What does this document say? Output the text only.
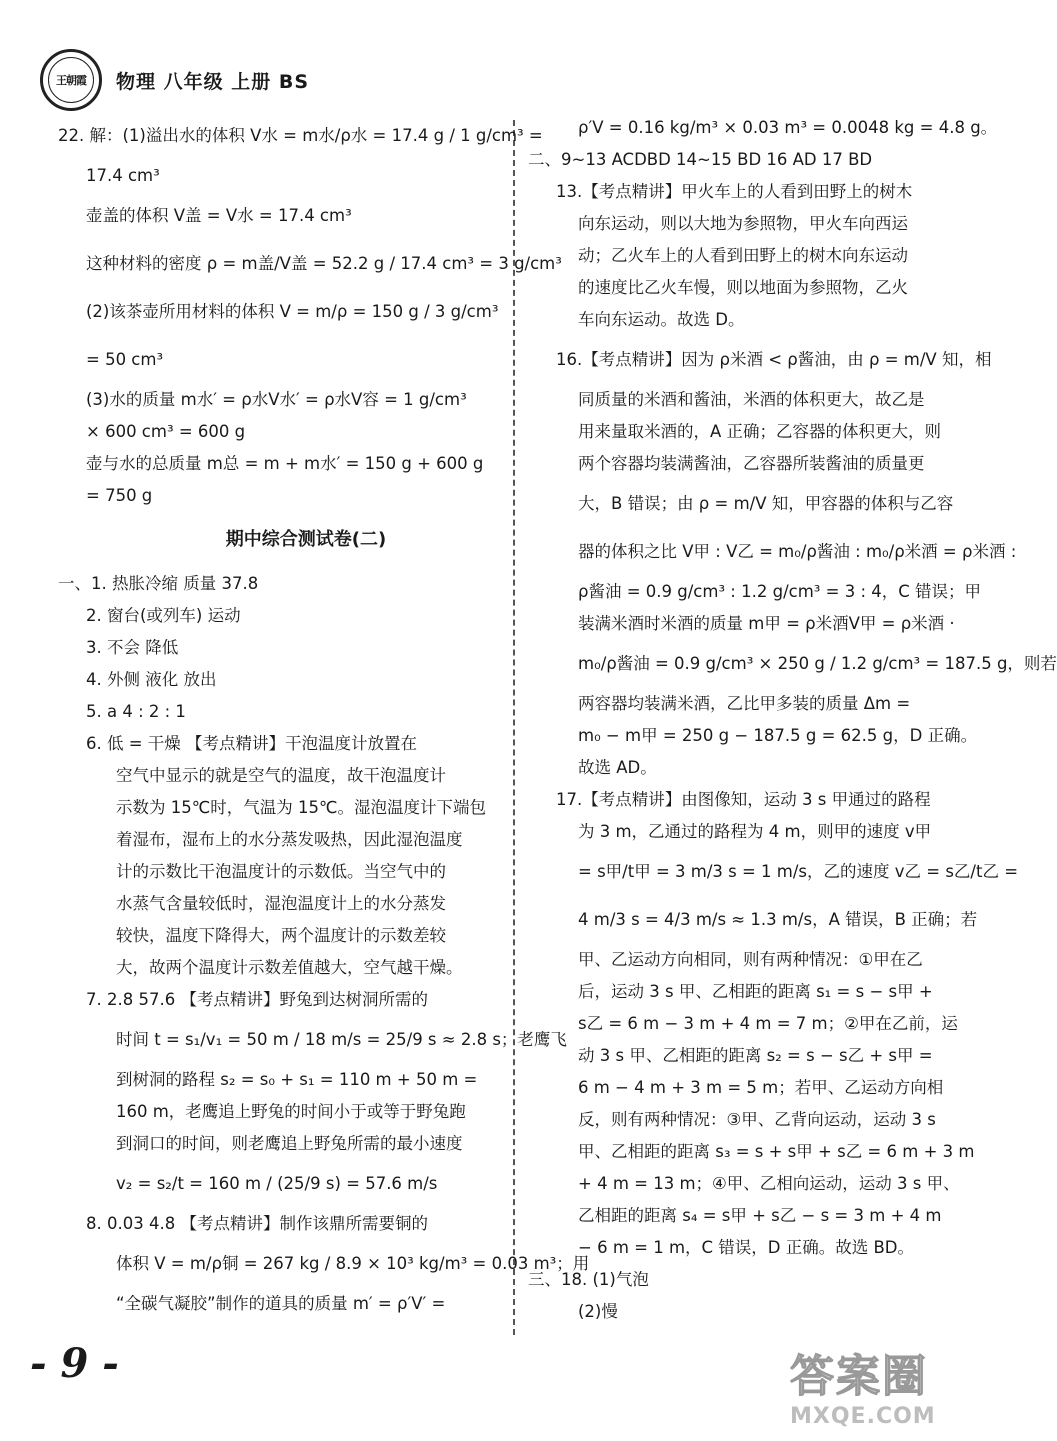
王朝霞 物理 八年级 上册 BS
22. 解：(1)溢出水的体积 V水 = m水/ρ水 = 17.4 g / 1 g/cm³ =
17.4 cm³
壶盖的体积 V盖 = V水 = 17.4 cm³
这种材料的密度 ρ = m盖/V盖 = 52.2 g / 17.4 cm³ = 3 g/cm³
(2)该茶壶所用材料的体积 V = m/ρ = 150 g / 3 g/cm³
= 50 cm³
(3)水的质量 m水′ = ρ水V水′ = ρ水V容 = 1 g/cm³
× 600 cm³ = 600 g
壶与水的总质量 m总 = m + m水′ = 150 g + 600 g
= 750 g
期中综合测试卷(二)
一、1. 热胀冷缩 质量 37.8
2. 窗台(或列车) 运动
3. 不会 降低
4. 外侧 液化 放出
5. a 4 : 2 : 1
6. 低 = 干燥 【考点精讲】干泡温度计放置在
空气中显示的就是空气的温度，故干泡温度计
示数为 15℃时，气温为 15℃。湿泡温度计下端包
着湿布，湿布上的水分蒸发吸热，因此湿泡温度
计的示数比干泡温度计的示数低。当空气中的
水蒸气含量较低时，湿泡温度计上的水分蒸发
较快，温度下降得大，两个温度计的示数差较
大，故两个温度计示数差值越大，空气越干燥。
7. 2.8 57.6 【考点精讲】野兔到达树洞所需的
时间 t = s₁/v₁ = 50 m / 18 m/s = 25/9 s ≈ 2.8 s；老鹰飞
到树洞的路程 s₂ = s₀ + s₁ = 110 m + 50 m =
160 m，老鹰追上野兔的时间小于或等于野兔跑
到洞口的时间，则老鹰追上野兔所需的最小速度
v₂ = s₂/t = 160 m / (25/9 s) = 57.6 m/s
8. 0.03 4.8 【考点精讲】制作该鼎所需要铜的
体积 V = m/ρ铜 = 267 kg / 8.9 × 10³ kg/m³ = 0.03 m³；用
“全碳气凝胶”制作的道具的质量 m′ = ρ′V′ =
ρ′V = 0.16 kg/m³ × 0.03 m³ = 0.0048 kg = 4.8 g。
二、9~13 ACDBD 14~15 BD 16 AD 17 BD
13.【考点精讲】甲火车上的人看到田野上的树木
向东运动，则以大地为参照物，甲火车向西运
动；乙火车上的人看到田野上的树木向东运动
的速度比乙火车慢，则以地面为参照物，乙火
车向东运动。故选 D。
16.【考点精讲】因为 ρ米酒 < ρ酱油，由 ρ = m/V 知，相
同质量的米酒和酱油，米酒的体积更大，故乙是
用来量取米酒的，A 正确；乙容器的体积更大，则
两个容器均装满酱油，乙容器所装酱油的质量更
大，B 错误；由 ρ = m/V 知，甲容器的体积与乙容
器的体积之比 V甲 : V乙 = m₀/ρ酱油 : m₀/ρ米酒 = ρ米酒 :
ρ酱油 = 0.9 g/cm³ : 1.2 g/cm³ = 3 : 4，C 错误；甲
装满米酒时米酒的质量 m甲 = ρ米酒V甲 = ρ米酒 ·
m₀/ρ酱油 = 0.9 g/cm³ × 250 g / 1.2 g/cm³ = 187.5 g，则若
两容器均装满米酒，乙比甲多装的质量 Δm =
m₀ − m甲 = 250 g − 187.5 g = 62.5 g，D 正确。
故选 AD。
17.【考点精讲】由图像知，运动 3 s 甲通过的路程
为 3 m，乙通过的路程为 4 m，则甲的速度 v甲
= s甲/t甲 = 3 m/3 s = 1 m/s，乙的速度 v乙 = s乙/t乙 =
4 m/3 s = 4/3 m/s ≈ 1.3 m/s，A 错误，B 正确；若
甲、乙运动方向相同，则有两种情况：①甲在乙
后，运动 3 s 甲、乙相距的距离 s₁ = s − s甲 +
s乙 = 6 m − 3 m + 4 m = 7 m；②甲在乙前，运
动 3 s 甲、乙相距的距离 s₂ = s − s乙 + s甲 =
6 m − 4 m + 3 m = 5 m；若甲、乙运动方向相
反，则有两种情况：③甲、乙背向运动，运动 3 s
甲、乙相距的距离 s₃ = s + s甲 + s乙 = 6 m + 3 m
+ 4 m = 13 m；④甲、乙相向运动，运动 3 s 甲、
乙相距的距离 s₄ = s甲 + s乙 − s = 3 m + 4 m
− 6 m = 1 m，C 错误，D 正确。故选 BD。
三、18. (1)气泡
(2)慢
- 9 -	答案圈
MXQE.COM
